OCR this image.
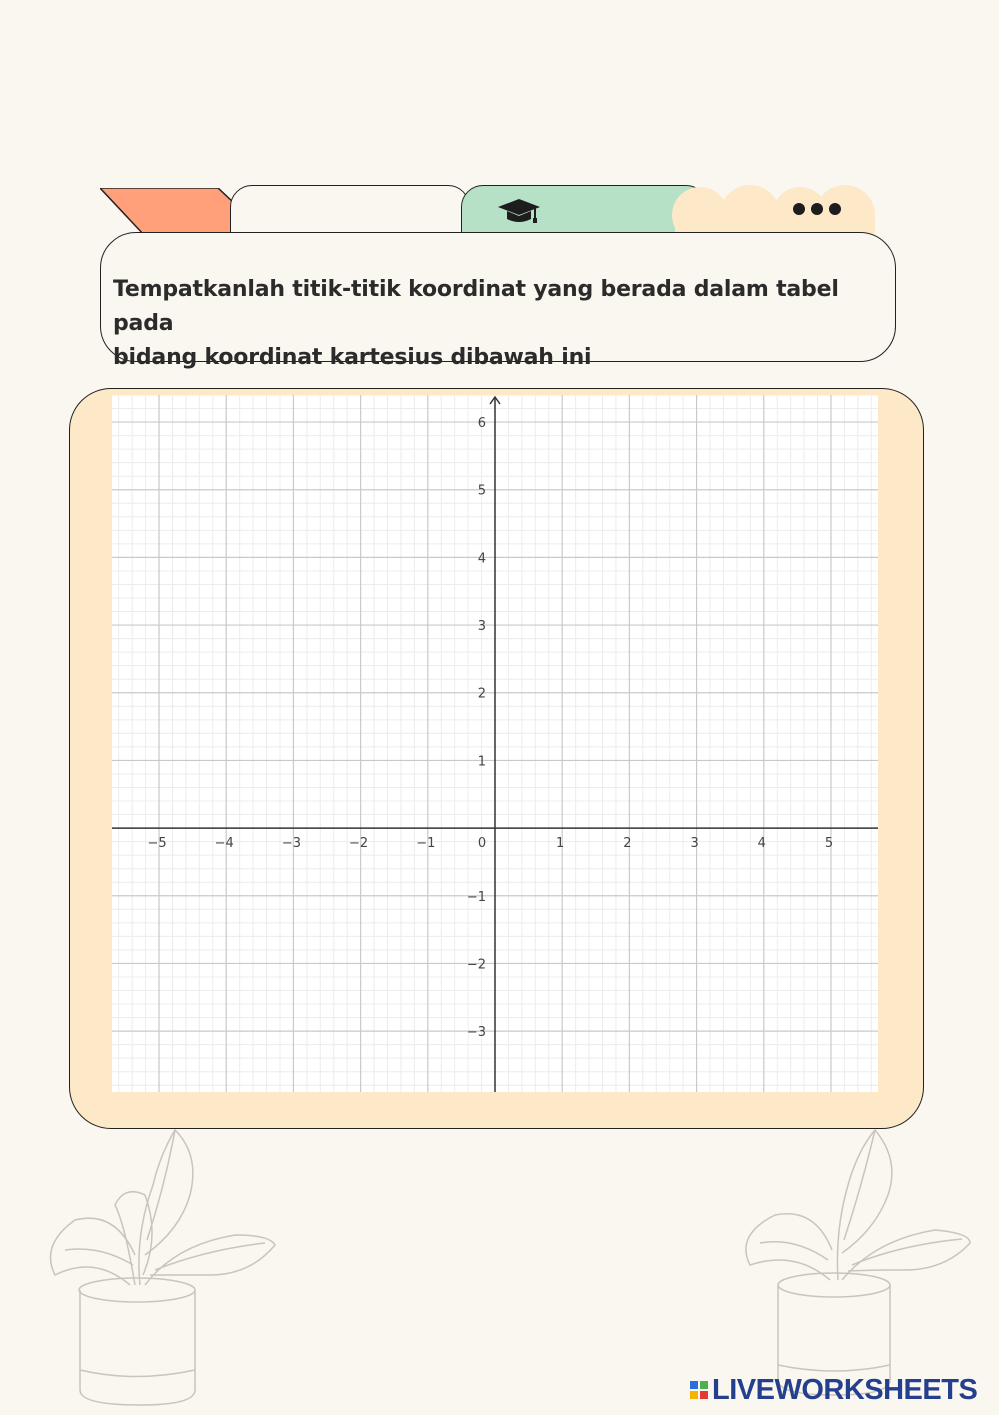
Tempatkanlah titik-titik koordinat yang berada dalam tabel pada
bidang koordinat kartesius dibawah ini
−5	−4	−3	−2	−1	0	1	2	3	4	5
−3
−2
−1
1
2
3
4
5
6
LIVEWORKSHEETS
